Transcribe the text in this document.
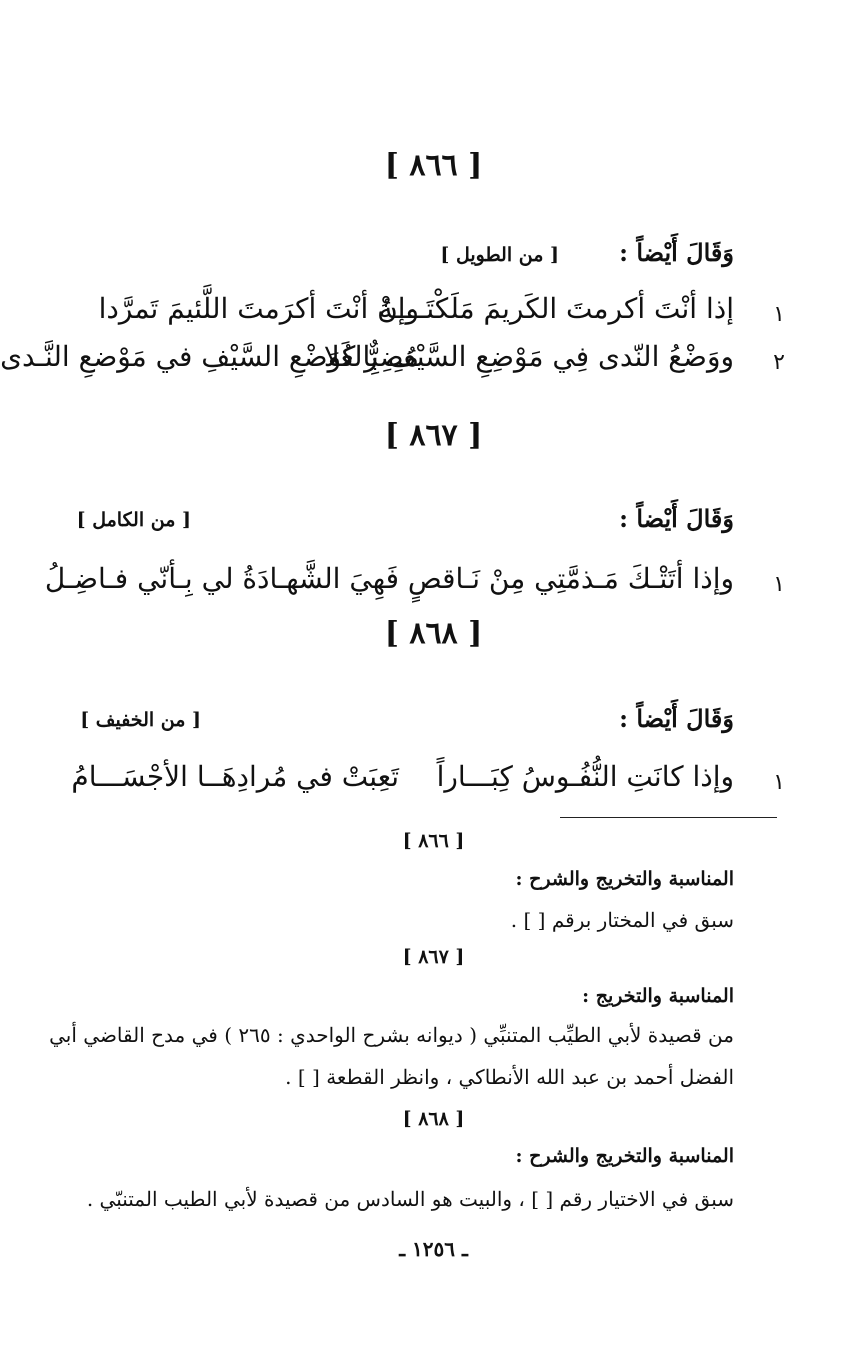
[ ٨٦٦ ]
وَقَالَ أَيْضاً :
[ من الطويل ]
١
إذا أنْتَ أكرمتَ الكَريمَ مَلَكْتَــــهُ
وإنْ أنْتَ أكرَمتَ اللَّئيمَ تَمرَّدا
٢
ووَضْعُ النّدى فِي مَوْضِعِ السَّيْفِ بِالعُلا
مُضِرٌّ كَوَضْعِ السَّيْفِ في مَوْضعِ النَّـدى
[ ٨٦٧ ]
وَقَالَ أَيْضاً :
[ من الكامل ]
١
وإذا أتَتْـكَ مَـذمَّتِي مِنْ نَـاقصٍ
فَهِيَ الشَّهـادَةُ لي بِـأنّي فـاضِـلُ
[ ٨٦٨ ]
وَقَالَ أَيْضاً :
[ من الخفيف ]
١
وإذا كانَتِ النُّفُـوسُ كِبَـــاراً
تَعِبَتْ في مُرادِهَــا الأجْسَـــامُ
[ ٨٦٦ ]
المناسبة والتخريج والشرح :
سبق في المختار برقم [ ] .
[ ٨٦٧ ]
المناسبة والتخريج :
من قصيدة لأبي الطيِّب المتنبِّي ( ديوانه بشرح الواحدي : ٢٦٥ ) في مدح القاضي أبي
الفضل أحمد بن عبد الله الأنطاكي ، وانظر القطعة [ ] .
[ ٨٦٨ ]
المناسبة والتخريج والشرح :
سبق في الاختيار رقم [ ] ، والبيت هو السادس من قصيدة لأبي الطيب المتنبّي .
ـ ١٢٥٦ ـ
